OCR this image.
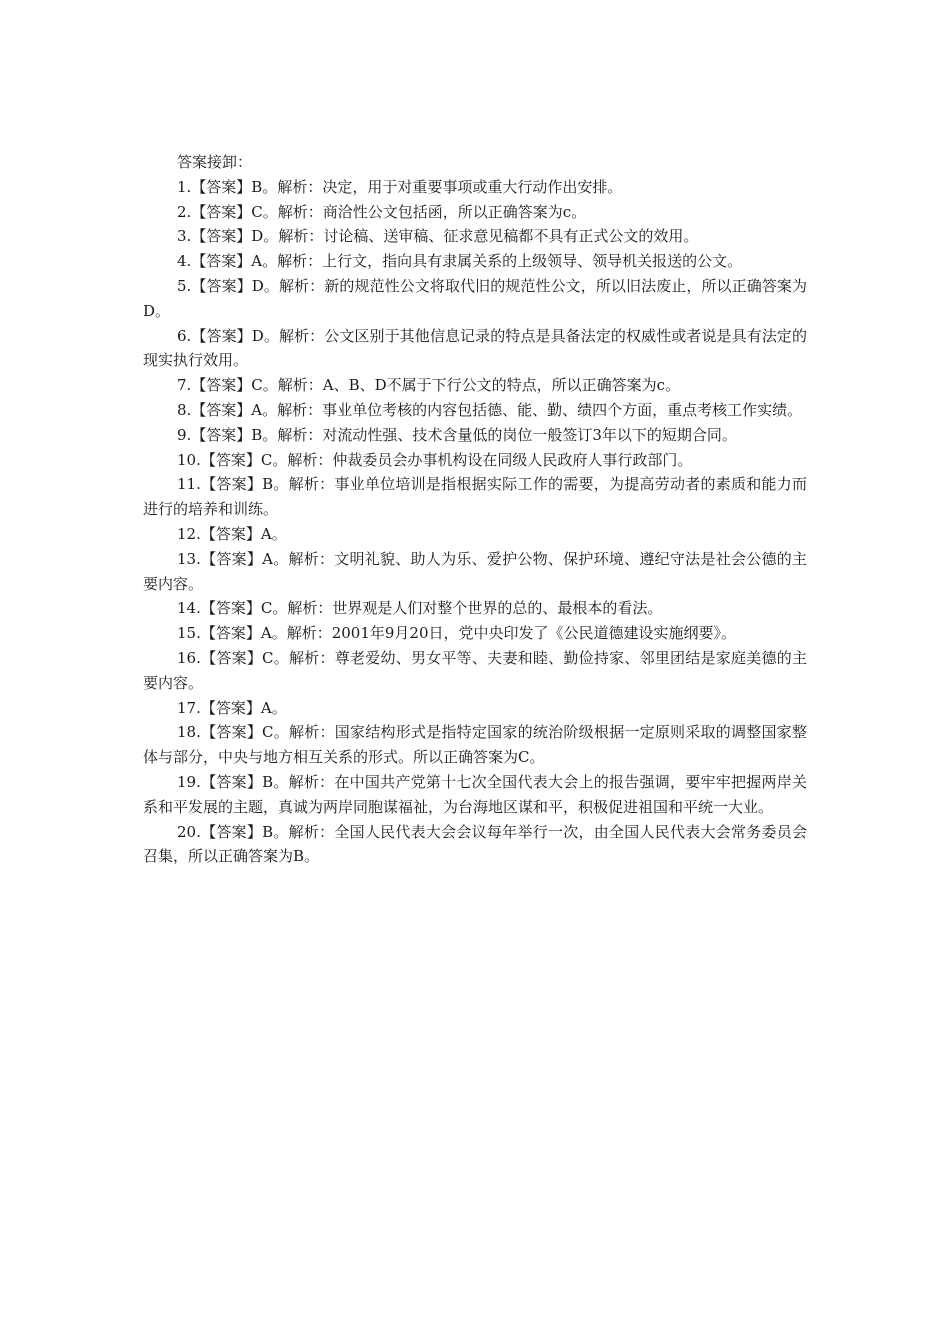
答案接卸：

1.【答案】B。解析：决定，用于对重要事项或重大行动作出安排。

2.【答案】C。解析：商洽性公文包括函，所以正确答案为c。

3.【答案】D。解析：讨论稿、送审稿、征求意见稿都不具有正式公文的效用。

4.【答案】A。解析：上行文，指向具有隶属关系的上级领导、领导机关报送的公文。

5.【答案】D。解析：新的规范性公文将取代旧的规范性公文，所以旧法废止，所以正确答案为D。

6.【答案】D。解析：公文区别于其他信息记录的特点是具备法定的权威性或者说是具有法定的现实执行效用。

7.【答案】C。解析：A、B、D不属于下行公文的特点，所以正确答案为c。

8.【答案】A。解析：事业单位考核的内容包括德、能、勤、绩四个方面，重点考核工作实绩。

9.【答案】B。解析：对流动性强、技术含量低的岗位一般签订3年以下的短期合同。

10.【答案】C。解析：仲裁委员会办事机构设在同级人民政府人事行政部门。

11.【答案】B。解析：事业单位培训是指根据实际工作的需要，为提高劳动者的素质和能力而进行的培养和训练。

12.【答案】A。

13.【答案】A。解析：文明礼貌、助人为乐、爱护公物、保护环境、遵纪守法是社会公德的主要内容。

14.【答案】C。解析：世界观是人们对整个世界的总的、最根本的看法。

15.【答案】A。解析：2001年9月20日，党中央印发了《公民道德建设实施纲要》。

16.【答案】C。解析：尊老爱幼、男女平等、夫妻和睦、勤俭持家、邻里团结是家庭美德的主要内容。

17.【答案】A。

18.【答案】C。解析：国家结构形式是指特定国家的统治阶级根据一定原则采取的调整国家整体与部分，中央与地方相互关系的形式。所以正确答案为C。

19.【答案】B。解析：在中国共产党第十七次全国代表大会上的报告强调，要牢牢把握两岸关系和平发展的主题，真诚为两岸同胞谋福祉，为台海地区谋和平，积极促进祖国和平统一大业。

20.【答案】B。解析：全国人民代表大会会议每年举行一次，由全国人民代表大会常务委员会召集，所以正确答案为B。
